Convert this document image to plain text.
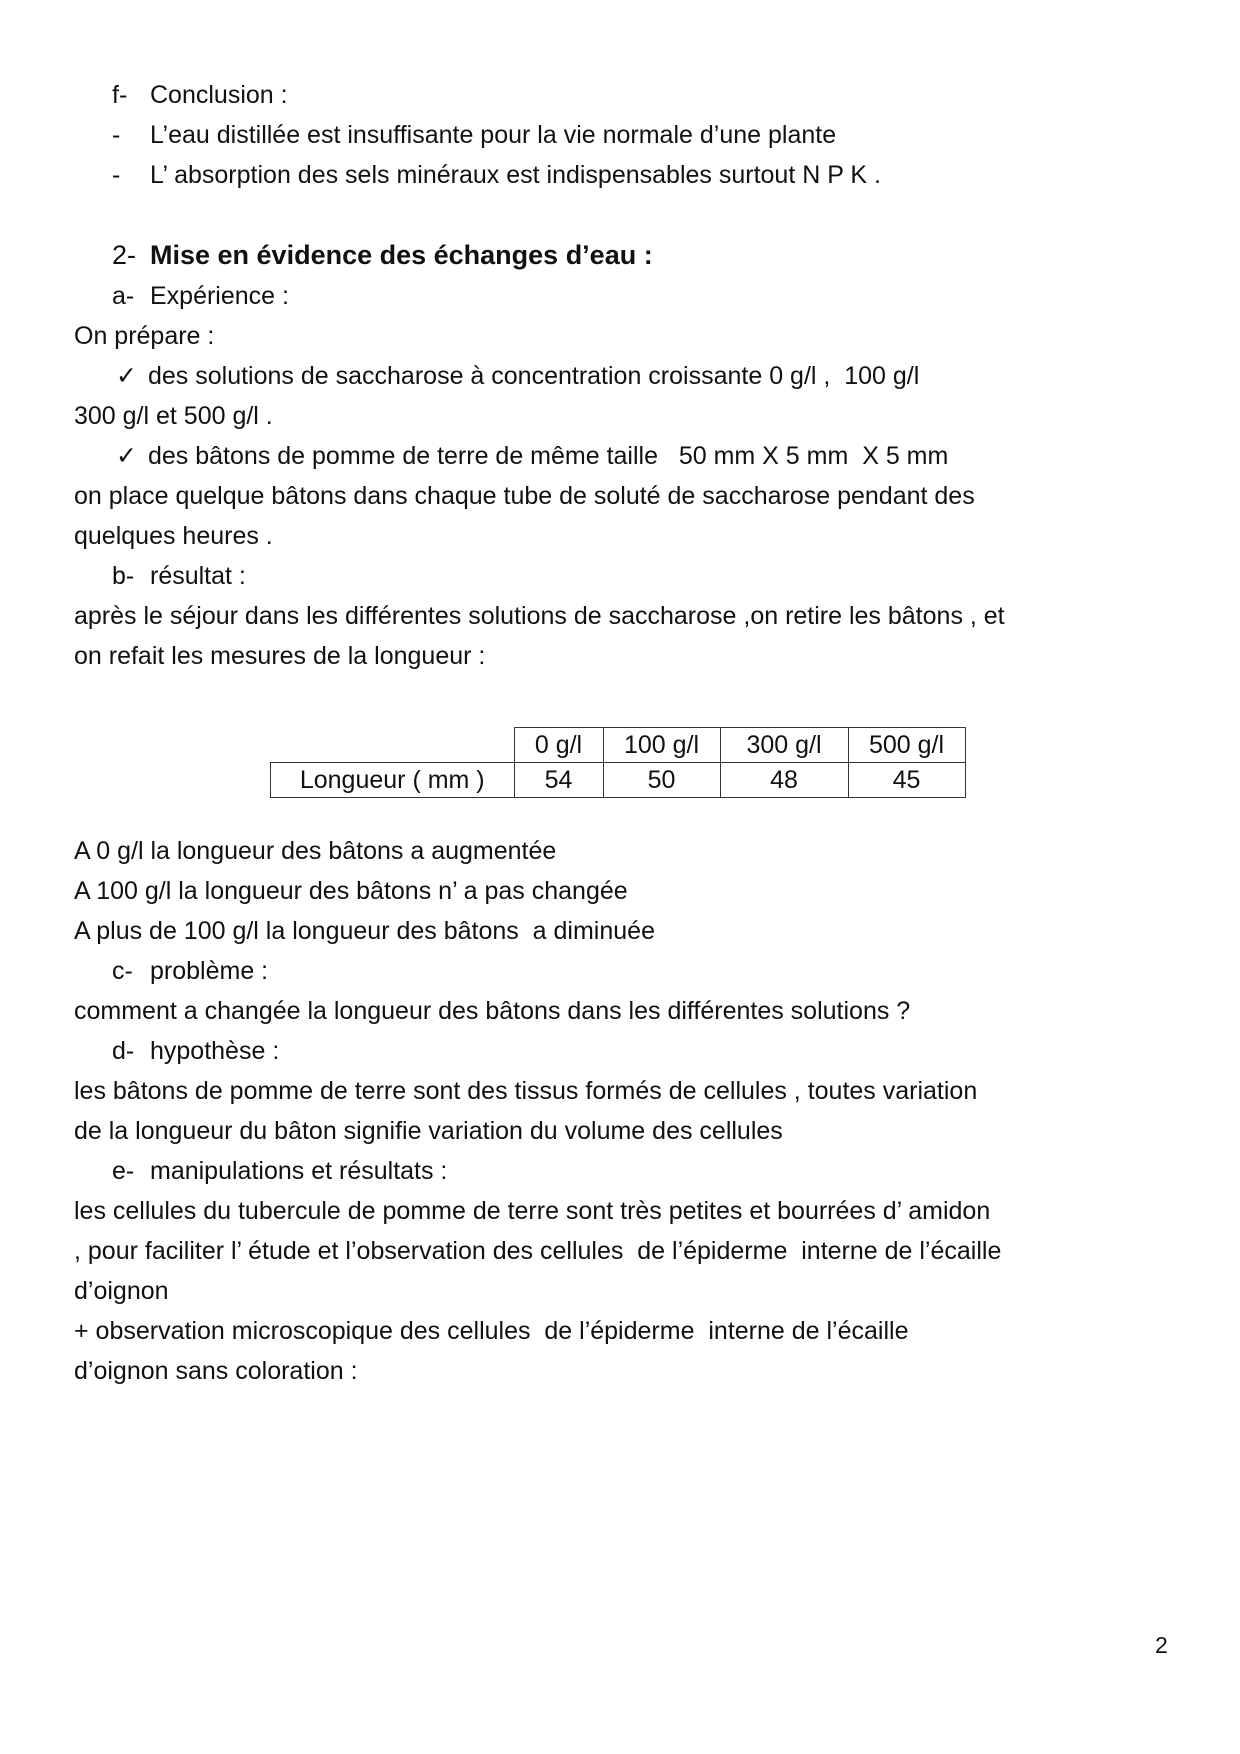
f- Conclusion :
- L’eau distillée est insuffisante pour la vie normale d’une plante
- L’ absorption des sels minéraux est indispensables surtout N P K .
2- Mise en évidence des échanges d’eau :
a- Expérience :
On prépare :
✓ des solutions de saccharose à concentration croissante 0 g/l ,  100 g/l
300 g/l et 500 g/l .
✓ des bâtons de pomme de terre de même taille   50 mm X 5 mm  X 5 mm
on place quelque bâtons dans chaque tube de soluté de saccharose pendant des
quelques heures .
b- résultat :
après le séjour dans les différentes solutions de saccharose ,on retire les bâtons , et
on refait les mesures de la longueur :
	0 g/l	100 g/l	300 g/l	500 g/l
Longueur ( mm )	54	50	48	45
A 0 g/l la longueur des bâtons a augmentée
A 100 g/l la longueur des bâtons n’ a pas changée
A plus de 100 g/l la longueur des bâtons  a diminuée
c- problème :
comment a changée la longueur des bâtons dans les différentes solutions ?
d- hypothèse :
les bâtons de pomme de terre sont des tissus formés de cellules , toutes variation
de la longueur du bâton signifie variation du volume des cellules
e- manipulations et résultats :
les cellules du tubercule de pomme de terre sont très petites et bourrées d’ amidon
, pour faciliter l’ étude et l’observation des cellules  de l’épiderme  interne de l’écaille
d’oignon
+ observation microscopique des cellules  de l’épiderme  interne de l’écaille
d’oignon sans coloration :
2
